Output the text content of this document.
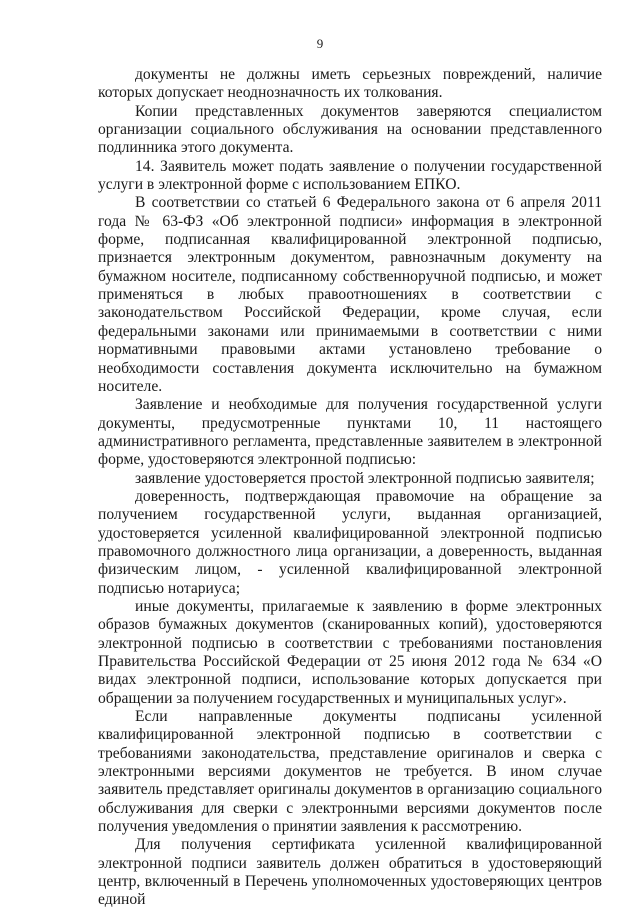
9

документы не должны иметь серьезных повреждений, наличие которых допускает неоднозначность их толкования.

Копии представленных документов заверяются специалистом организации социального обслуживания на основании представленного подлинника этого документа.

14. Заявитель может подать заявление о получении государственной услуги в электронной форме с использованием ЕПКО.

В соответствии со статьей 6 Федерального закона от 6 апреля 2011 года № 63-ФЗ «Об электронной подписи» информация в электронной форме, подписанная квалифицированной электронной подписью, признается электронным документом, равнозначным документу на бумажном носителе, подписанному собственноручной подписью, и может применяться в любых правоотношениях в соответствии с законодательством Российской Федерации, кроме случая, если федеральными законами или принимаемыми в соответствии с ними нормативными правовыми актами установлено требование о необходимости составления документа исключительно на бумажном носителе.

Заявление и необходимые для получения государственной услуги документы, предусмотренные пунктами 10, 11 настоящего административного регламента, представленные заявителем в электронной форме, удостоверяются электронной подписью:

заявление удостоверяется простой электронной подписью заявителя;

доверенность, подтверждающая правомочие на обращение за получением государственной услуги, выданная организацией, удостоверяется усиленной квалифицированной электронной подписью правомочного должностного лица организации, а доверенность, выданная физическим лицом, - усиленной квалифицированной электронной подписью нотариуса;

иные документы, прилагаемые к заявлению в форме электронных образов бумажных документов (сканированных копий), удостоверяются электронной подписью в соответствии с требованиями постановления Правительства Российской Федерации от 25 июня 2012 года № 634 «О видах электронной подписи, использование которых допускается при обращении за получением государственных и муниципальных услуг».

Если направленные документы подписаны усиленной квалифицированной электронной подписью в соответствии с требованиями законодательства, представление оригиналов и сверка с электронными версиями документов не требуется. В ином случае заявитель представляет оригиналы документов в организацию социального обслуживания для сверки с электронными версиями документов после получения уведомления о принятии заявления к рассмотрению.

Для получения сертификата усиленной квалифицированной электронной подписи заявитель должен обратиться в удостоверяющий центр, включенный в Перечень уполномоченных удостоверяющих центров единой
